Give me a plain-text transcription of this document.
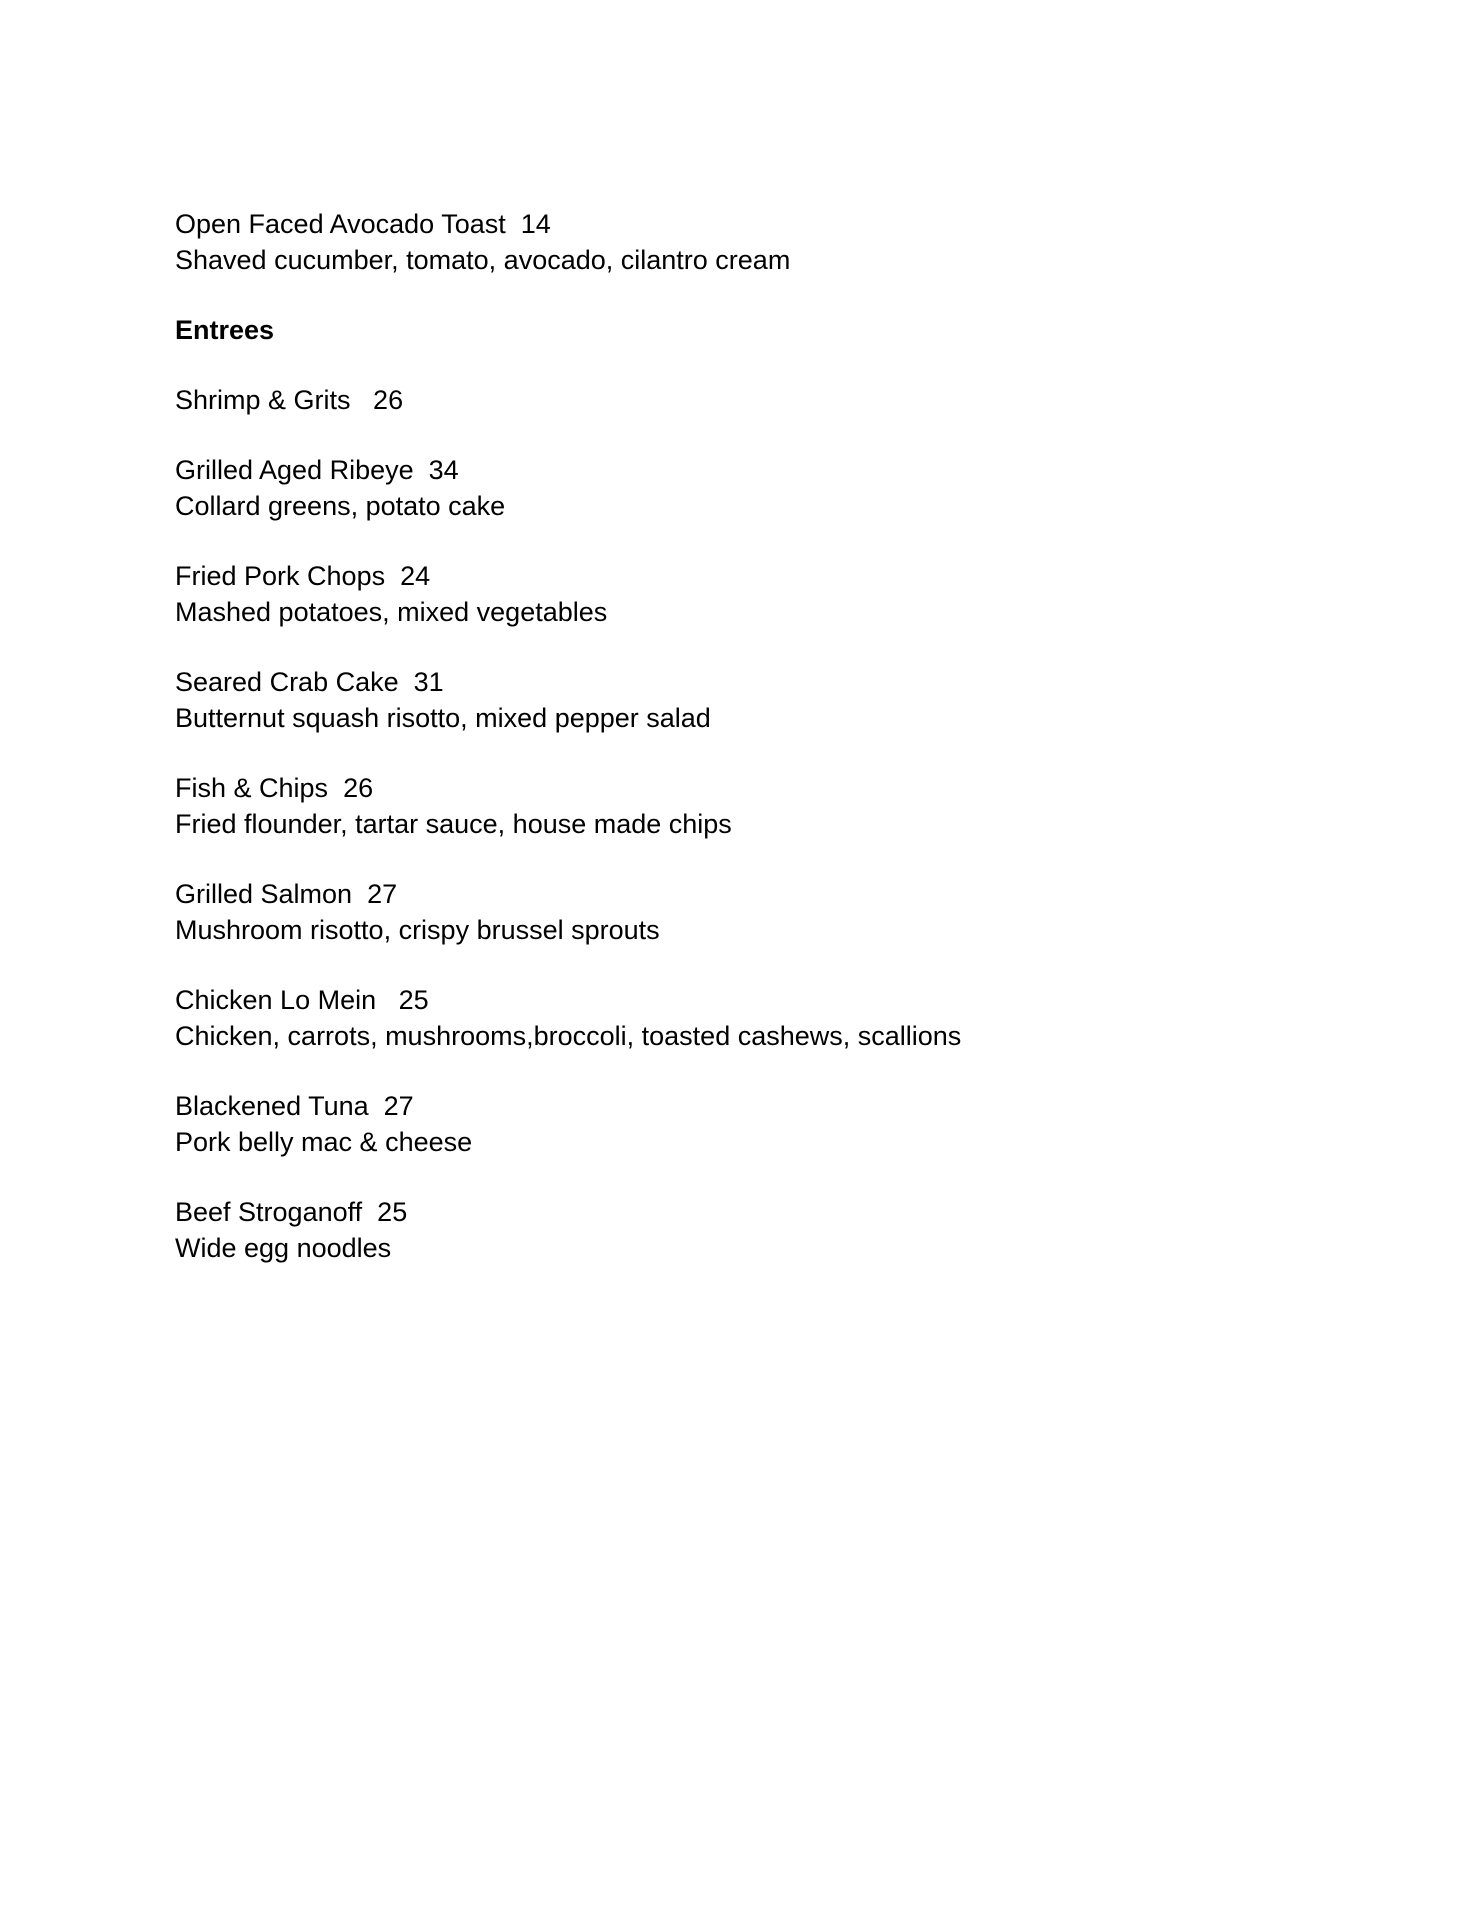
Open Faced Avocado Toast 14
Shaved cucumber, tomato, avocado, cilantro cream
Entrees
Shrimp & Grits 26
Grilled Aged Ribeye 34
Collard greens, potato cake
Fried Pork Chops 24
Mashed potatoes, mixed vegetables
Seared Crab Cake 31
Butternut squash risotto, mixed pepper salad
Fish & Chips 26
Fried flounder, tartar sauce, house made chips
Grilled Salmon 27
Mushroom risotto, crispy brussel sprouts
Chicken Lo Mein 25
Chicken, carrots, mushrooms,broccoli, toasted cashews, scallions
Blackened Tuna 27
Pork belly mac & cheese
Beef Stroganoff 25
Wide egg noodles
